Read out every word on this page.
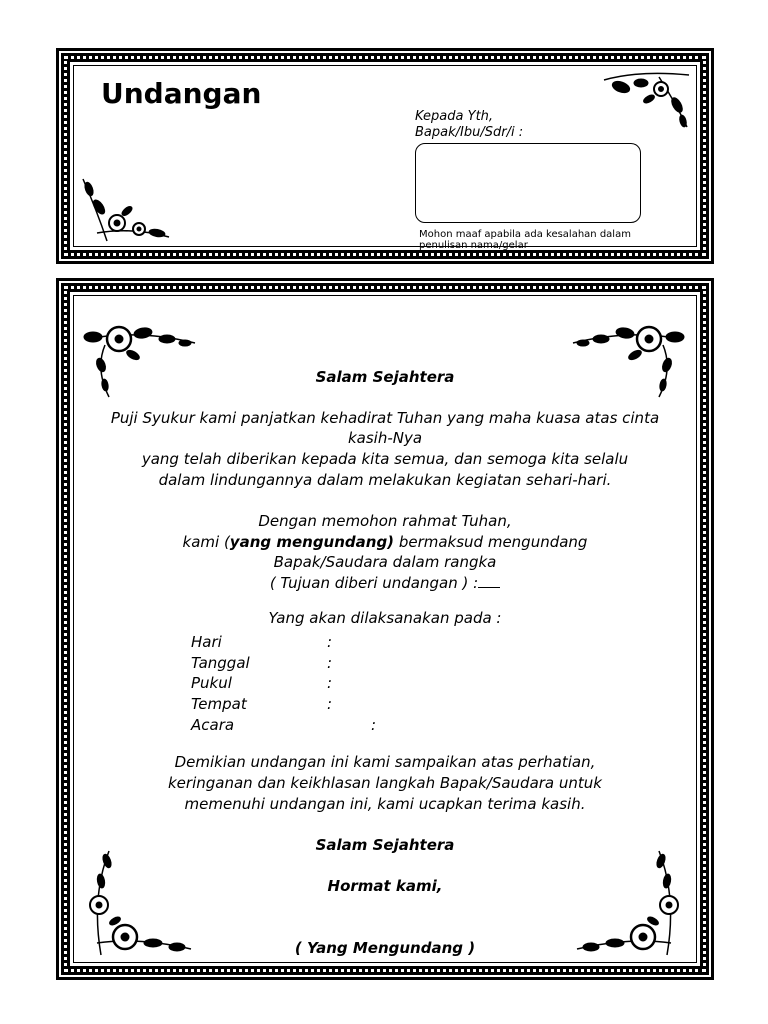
Undangan
Kepada Yth,
Bapak/Ibu/Sdr/i :
Mohon maaf apabila ada kesalahan dalam penulisan nama/gelar
Salam Sejahtera
Puji Syukur kami panjatkan kehadirat Tuhan yang maha kuasa atas cinta
kasih-Nya
yang telah diberikan kepada kita semua, dan semoga kita selalu
dalam lindungannya dalam melakukan kegiatan sehari-hari.
Dengan memohon rahmat Tuhan,
kami (yang mengundang) bermaksud mengundang
Bapak/Saudara dalam rangka
( Tujuan diberi undangan ) :
Yang akan dilaksanakan pada :
Hari	:
Tanggal	:
Pukul	:
Tempat	:
Acara	:
Demikian undangan ini kami sampaikan atas perhatian,
keringanan dan keikhlasan langkah Bapak/Saudara untuk
memenuhi undangan ini, kami ucapkan terima kasih.
Salam Sejahtera
Hormat kami,
( Yang Mengundang )
